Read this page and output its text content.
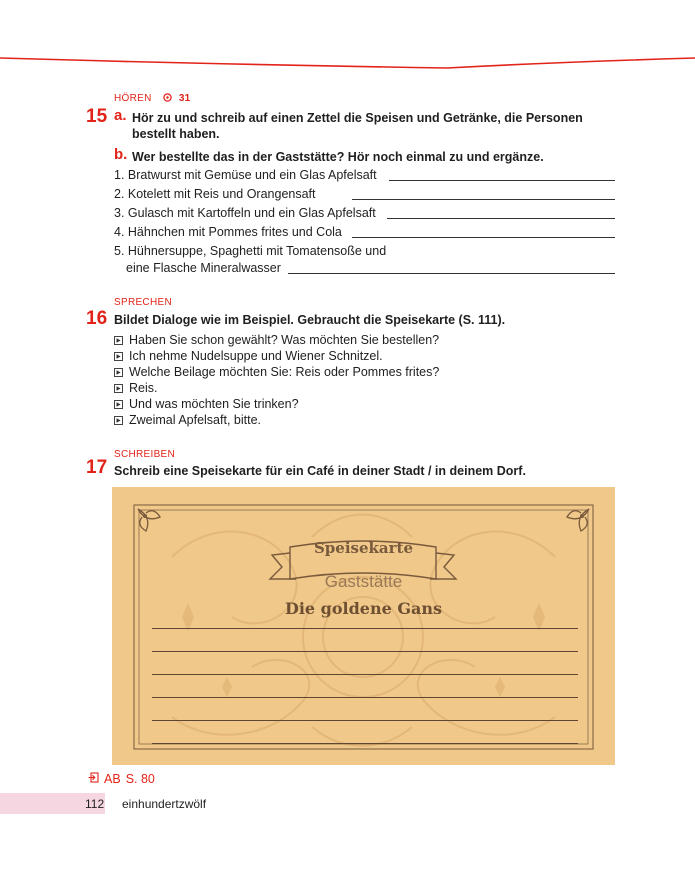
HÖREN	31
15 a. Hör zu und schreib auf einen Zettel die Speisen und Getränke, die Personen
bestellt haben.
b. Wer bestellte das in der Gaststätte? Hör noch einmal zu und ergänze.
1. Bratwurst mit Gemüse und ein Glas Apfelsaft
2. Kotelett mit Reis und Orangensaft
3. Gulasch mit Kartoffeln und ein Glas Apfelsaft
4. Hähnchen mit Pommes frites und Cola
5. Hühnersuppe, Spaghetti mit Tomatensoße und
eine Flasche Mineralwasser
SPRECHEN
16 Bildet Dialoge wie im Beispiel. Gebraucht die Speisekarte (S. 111).
Haben Sie schon gewählt? Was möchten Sie bestellen?
Ich nehme Nudelsuppe und Wiener Schnitzel.
Welche Beilage möchten Sie: Reis oder Pommes frites?
Reis.
Und was möchten Sie trinken?
Zweimal Apfelsaft, bitte.
SCHREIBEN
17 Schreib eine Speisekarte für ein Café in deiner Stadt / in deinem Dorf.
Speisekarte
Gaststätte
Die goldene Gans
AB S. 80
112 einhundertzwölf
